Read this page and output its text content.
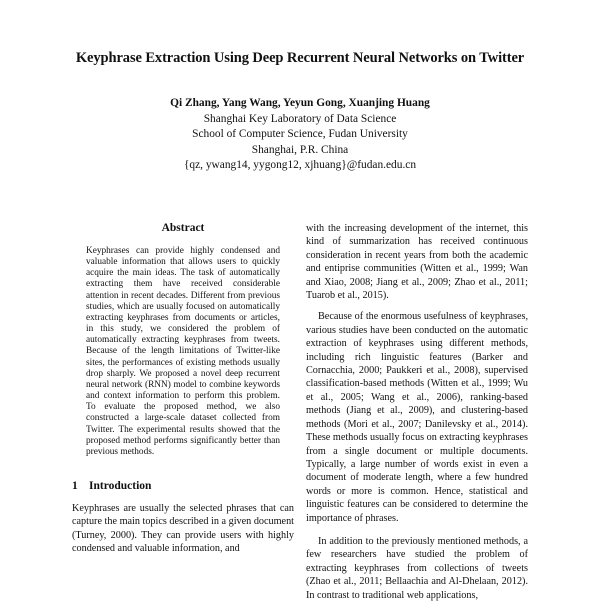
Keyphrase Extraction Using Deep Recurrent Neural Networks on Twitter
Qi Zhang, Yang Wang, Yeyun Gong, Xuanjing Huang
Shanghai Key Laboratory of Data Science
School of Computer Science, Fudan University
Shanghai, P.R. China
{qz, ywang14, yygong12, xjhuang}@fudan.edu.cn
Abstract

Keyphrases can provide highly condensed and valuable information that allows users to quickly acquire the main ideas. The task of automatically extracting them have received considerable attention in recent decades. Different from previous studies, which are usually focused on automatically extracting keyphrases from documents or articles, in this study, we considered the problem of automatically extracting keyphrases from tweets. Because of the length limitations of Twitter-like sites, the performances of existing methods usually drop sharply. We proposed a novel deep recurrent neural network (RNN) model to combine keywords and context information to perform this problem. To evaluate the proposed method, we also constructed a large-scale dataset collected from Twitter. The experimental results showed that the proposed method performs significantly better than previous methods.

1 Introduction

Keyphrases are usually the selected phrases that can capture the main topics described in a given document (Turney, 2000). They can provide users with highly condensed and valuable information, and

with the increasing development of the internet, this kind of summarization has received continuous consideration in recent years from both the academic and entiprise communities (Witten et al., 1999; Wan and Xiao, 2008; Jiang et al., 2009; Zhao et al., 2011; Tuarob et al., 2015).

Because of the enormous usefulness of keyphrases, various studies have been conducted on the automatic extraction of keyphrases using different methods, including rich linguistic features (Barker and Cornacchia, 2000; Paukkeri et al., 2008), supervised classification-based methods (Witten et al., 1999; Wu et al., 2005; Wang et al., 2006), ranking-based methods (Jiang et al., 2009), and clustering-based methods (Mori et al., 2007; Danilevsky et al., 2014). These methods usually focus on extracting keyphrases from a single document or multiple documents. Typically, a large number of words exist in even a document of moderate length, where a few hundred words or more is common. Hence, statistical and linguistic features can be considered to determine the importance of phrases.

In addition to the previously mentioned methods, a few researchers have studied the problem of extracting keyphrases from collections of tweets (Zhao et al., 2011; Bellaachia and Al-Dhelaan, 2012). In contrast to traditional web applications,
